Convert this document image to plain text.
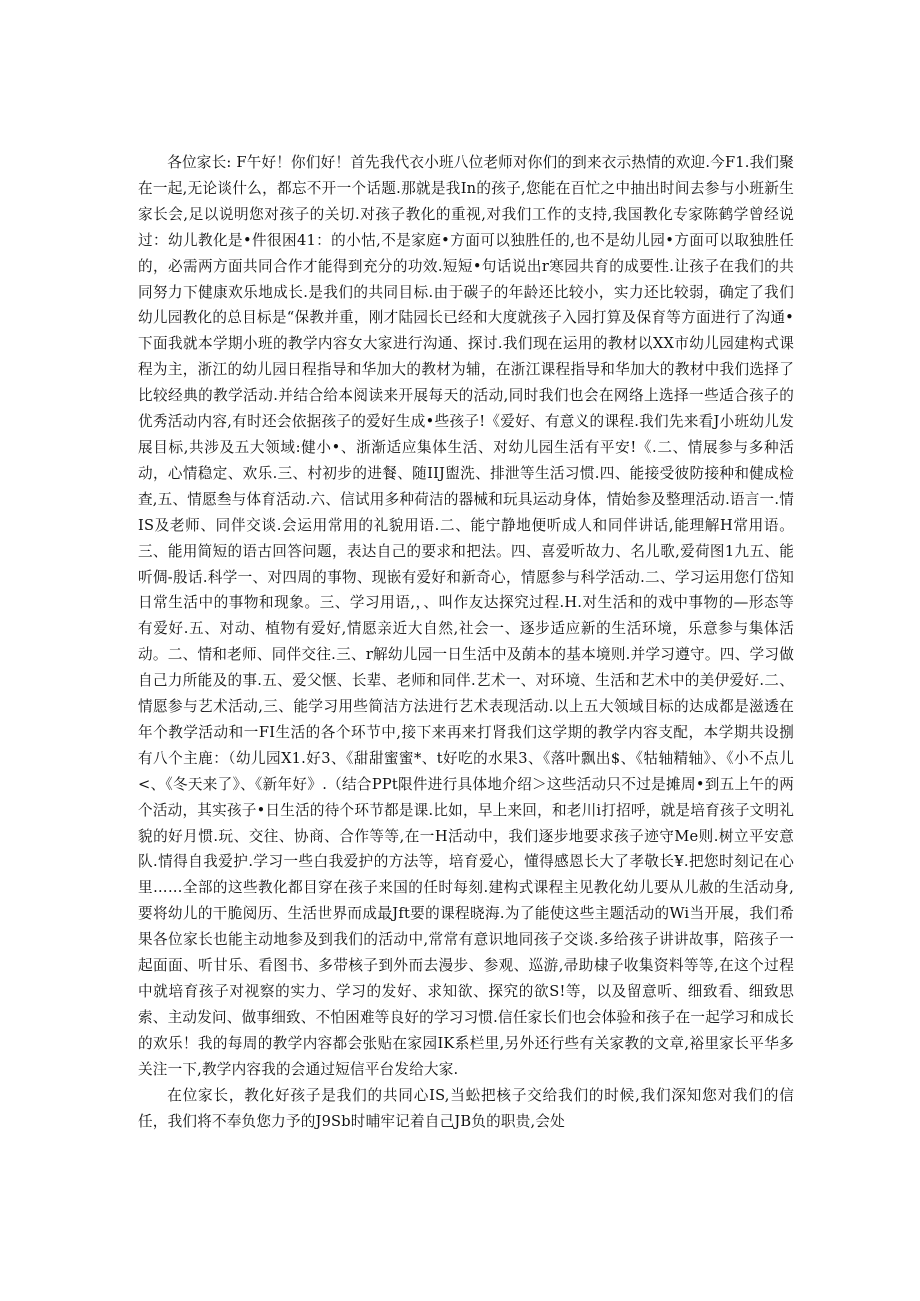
各位家长: F午好！你们好！首先我代衣小班八位老师对你们的到来衣示热情的欢迎.今F1.我们聚在一起,无论谈什么，都忘不开一个话题.那就是我In的孩子,您能在百忙之中抽出时间去参与小班新生家长会,足以说明您对孩子的关切.对孩子教化的重视,对我们工作的支持,我国教化专家陈鹤学曾经说过：幼儿教化是•件很困41：的小怙,不是家庭•方面可以独胜任的,也不是幼儿园•方面可以取独胜任的，必需两方面共同合作才能得到充分的功效.短短•句话说出r寒园共育的成要性.让孩子在我们的共同努力下健康欢乐地成长.是我们的共同目标.由于碳子的年龄还比较小，实力还比较弱，确定了我们幼儿园教化的总目标是“保教并重，刚才陆园长已经和大度就孩子入园打算及保育等方面进行了沟通•下面我就本学期小班的教学内容女大家进行沟通、探讨.我们现在运用的教材以XX市幼儿园建构式课程为主，浙江的幼儿园日程指导和华加大的教材为辅，在浙江课程指导和华加大的教材中我们选择了比较经典的教学活动.并结合给本阅读来开展每天的活动,同时我们也会在网络上选择一些适合孩子的优秀活动内容,有时还会依据孩子的爱好生成•些孩子!《爱好、有意义的课程.我们先来看J小班幼儿发展目标,共涉及五大领域:健小•、浙渐适应集体生活、对幼儿园生活有平安!《.二、情展参与多种活动，心情稳定、欢乐.三、村初步的进餐、随IIJ盥洗、排泄等生活习惯.四、能接受彼防接种和健成检查,五、情愿叁与体育活动.六、信试用多种荷洁的器械和玩具运动身体，情始参及整理活动.语言一.情IS及老师、同伴交谈.会运用常用的礼貌用语.二、能宁静地便听成人和同伴讲话,能理解H常用语。三、能用简短的语古回答问题，表达自己的要求和把法。四、喜爱听故力、名儿歌,爱荷图1九五、能听倜-殷话.科学一、对四周的事物、现嵌有爱好和新奇心，情愿参与科学活动.二、学习运用您仃岱知日常生活中的事物和现象。三、学习用语,，、叫作友达探究过程.H.对生活和的戏中事物的—形态等有爱好.五、对动、植物有爱好,情愿亲近大自然,社会一、逐步适应新的生活环境，乐意参与集体活动。二、情和老师、同伴交往.三、r解幼儿园一日生活中及蓢本的基本境则.并学习遵守。四、学习做自己力所能及的事.五、爱父惬、长辈、老师和同伴.艺术一、对环境、生活和艺术中的美伊爱好.二、情愿参与艺术活动,三、能学习用些简洁方法进行艺术表现活动.以上五大领域目标的达成都是滋透在年个教学活动和一FI生活的各个环节中,接下来再来打肾我们这学期的教学内容支配，本学期共设捌有八个主鹿：（幼儿园X1.好3、《甜甜蜜蜜*、t好吃的水果3、《落叶飘出$、《牯轴精轴》、《小不点儿<、《冬天来了》、《新年好》.（结合PPt限件进行具体地介绍＞这些活动只不过是摊周•到五上午的两个活动，其实孩子•日生活的待个环节都是课.比如，早上来回，和老川i打招呼，就是培育孩子文明礼貌的好月惯.玩、交往、协商、合作等等,在一H活动中，我们逐步地要求孩子迹守Me则.树立平安意队.情得自我爱护.学习一些白我爱护的方法等，培育爱心，懂得感恩长大了孝敬长¥.把您时刻记在心里……全部的这些教化都目穿在孩子来国的任时每刻.建构式课程主见教化幼儿要从儿赦的生活动身,要将幼儿的干脆阅历、生活世界而成最Jft要的课程晓海.为了能使这些主题活动的Wi当开展，我们希果各位家长也能主动地参及到我们的活动中,常常有意识地同孩子交谈.多给孩子讲讲故事，陪孩子一起面面、听甘乐、看图书、多带核子到外而去漫步、参观、巡游,帚助棣子收集资料等等,在这个过程中就培育孩子对视察的实力、学习的发好、求知欲、探究的欲S!等，以及留意听、细致看、细致思索、主动发问、做事细致、不怕困难等良好的学习习惯.信任家长们也会体验和孩子在一起学习和成长的欢乐！我的每周的教学内容都会张贴在家园IK系栏里,另外还行些有关家教的文章,裕里家长平华多关注一下,教学内容我的会通过短信平台发给大家.

在位家长，教化好孩子是我们的共同心IS,当蚣把核子交给我们的时候,我们深知您对我们的信任，我们将不奉负您力予的J9Sb时晡牢记着自己JB负的职贵,会处
